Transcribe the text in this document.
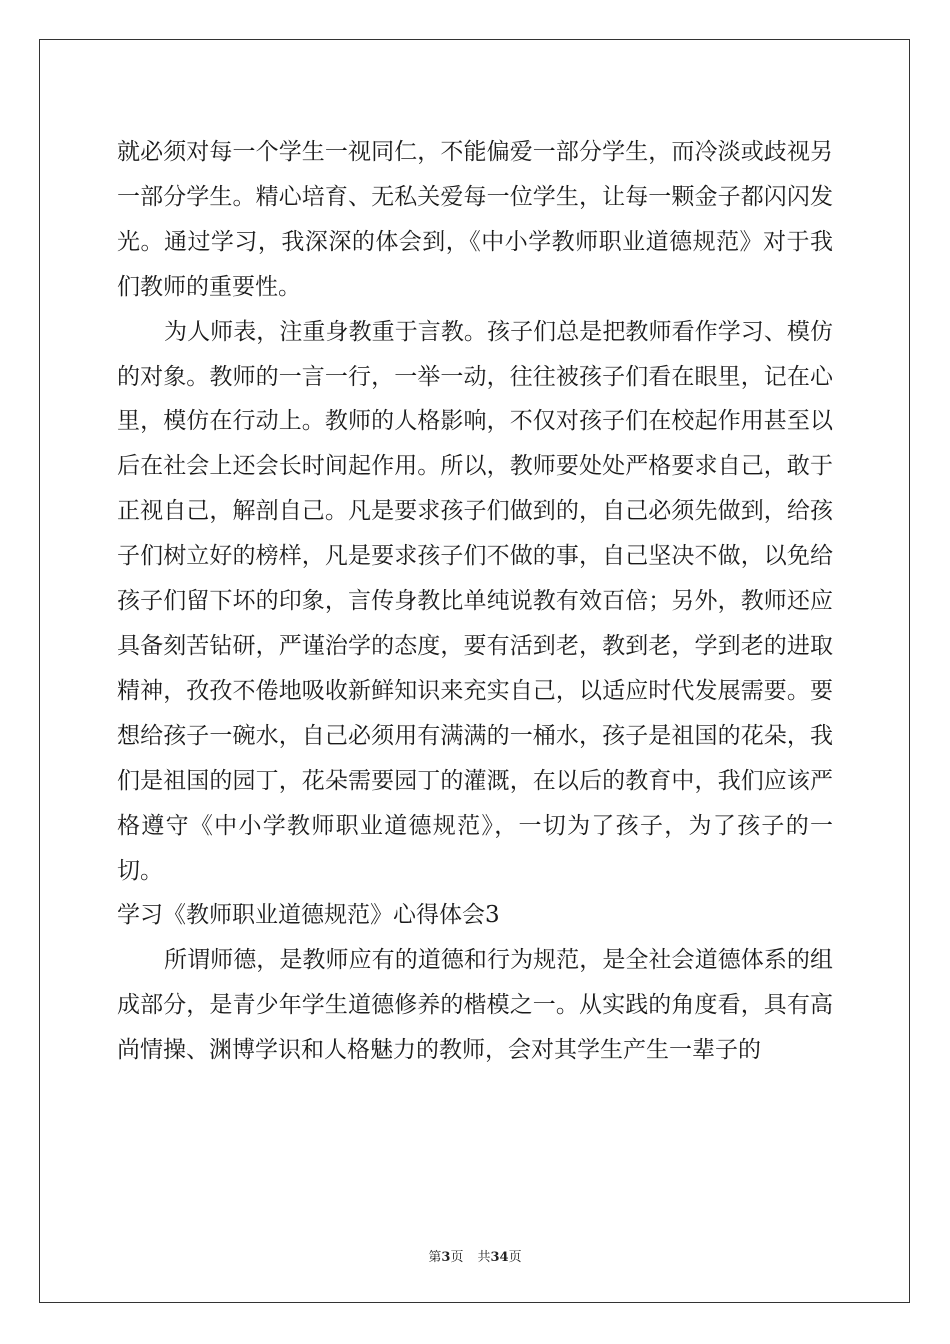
就必须对每一个学生一视同仁，不能偏爱一部分学生，而冷淡或歧视另一部分学生。精心培育、无私关爱每一位学生，让每一颗金子都闪闪发光。通过学习，我深深的体会到，《中小学教师职业道德规范》对于我们教师的重要性。

为人师表，注重身教重于言教。孩子们总是把教师看作学习、模仿的对象。教师的一言一行，一举一动，往往被孩子们看在眼里，记在心里，模仿在行动上。教师的人格影响，不仅对孩子们在校起作用甚至以后在社会上还会长时间起作用。所以，教师要处处严格要求自己，敢于正视自己，解剖自己。凡是要求孩子们做到的，自己必须先做到，给孩子们树立好的榜样，凡是要求孩子们不做的事，自己坚决不做，以免给孩子们留下坏的印象，言传身教比单纯说教有效百倍；另外，教师还应具备刻苦钻研，严谨治学的态度，要有活到老，教到老，学到老的进取精神，孜孜不倦地吸收新鲜知识来充实自己，以适应时代发展需要。要想给孩子一碗水，自己必须用有满满的一桶水，孩子是祖国的花朵，我们是祖国的园丁，花朵需要园丁的灌溉，在以后的教育中，我们应该严格遵守《中小学教师职业道德规范》，一切为了孩子，为了孩子的一切。

学习《教师职业道德规范》心得体会3

所谓师德，是教师应有的道德和行为规范，是全社会道德体系的组成部分，是青少年学生道德修养的楷模之一。从实践的角度看，具有高尚情操、渊博学识和人格魅力的教师，会对其学生产生一辈子的

第3页 共34页
